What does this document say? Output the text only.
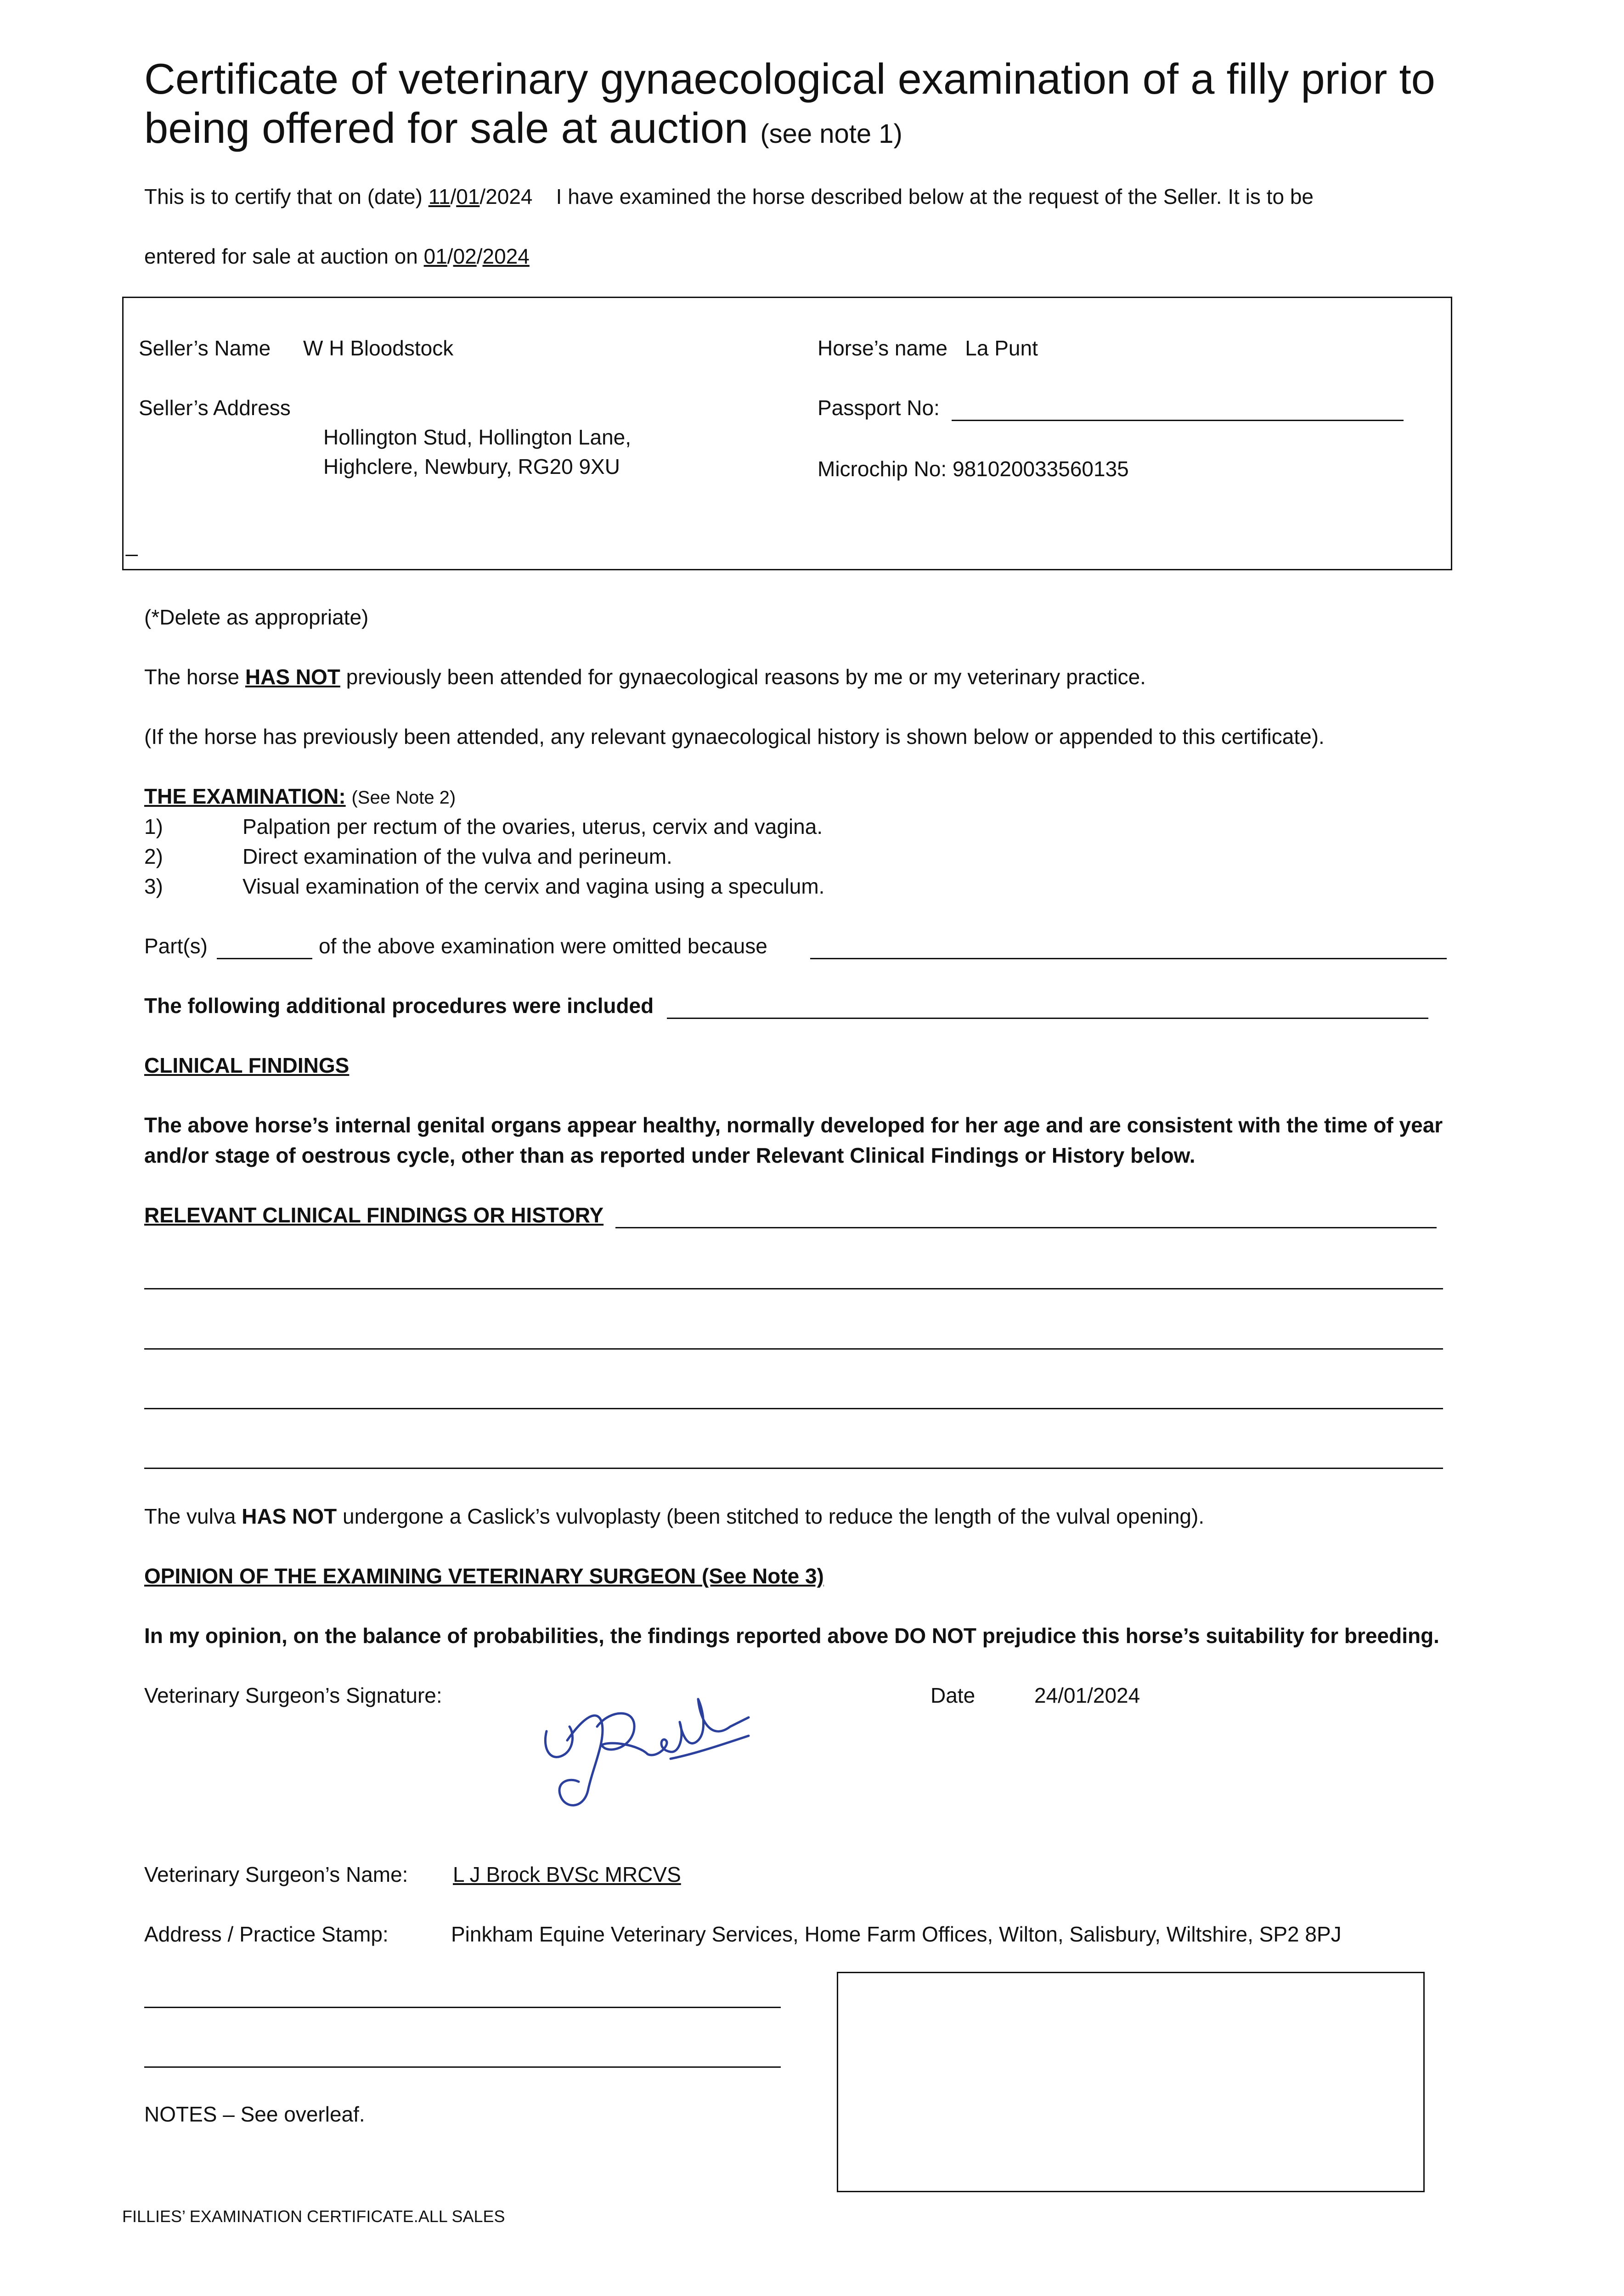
Certificate of veterinary gynaecological examination of a filly prior to being offered for sale at auction (see note 1)
This is to certify that on (date) 11/01/2024 I have examined the horse described below at the request of the Seller. It is to be
entered for sale at auction on 01/02/2024
Seller’s Name W H Bloodstock
Seller’s Address
Hollington Stud, Hollington Lane,
Highclere, Newbury, RG20 9XU
_
Horse’s name La Punt
Passport No:
Microchip No: 981020033560135
(*Delete as appropriate)
The horse HAS NOT previously been attended for gynaecological reasons by me or my veterinary practice.
(If the horse has previously been attended, any relevant gynaecological history is shown below or appended to this certificate).
THE EXAMINATION: (See Note 2)
1)	Palpation per rectum of the ovaries, uterus, cervix and vagina.
2)	Direct examination of the vulva and perineum.
3)	Visual examination of the cervix and vagina using a speculum.
Part(s)	of the above examination were omitted because
The following additional procedures were included
CLINICAL FINDINGS
The above horse’s internal genital organs appear healthy, normally developed for her age and are consistent with the time of year
and/or stage of oestrous cycle, other than as reported under Relevant Clinical Findings or History below.
RELEVANT CLINICAL FINDINGS OR HISTORY
The vulva HAS NOT undergone a Caslick’s vulvoplasty (been stitched to reduce the length of the vulval opening).
OPINION OF THE EXAMINING VETERINARY SURGEON (See Note 3)
In my opinion, on the balance of probabilities, the findings reported above DO NOT prejudice this horse’s suitability for breeding.
Veterinary Surgeon’s Signature:	Date	24/01/2024
Veterinary Surgeon’s Name: L J Brock BVSc MRCVS
Address / Practice Stamp:	Pinkham Equine Veterinary Services, Home Farm Offices, Wilton, Salisbury, Wiltshire, SP2 8PJ
NOTES – See overleaf.
FILLIES’ EXAMINATION CERTIFICATE.ALL SALES
